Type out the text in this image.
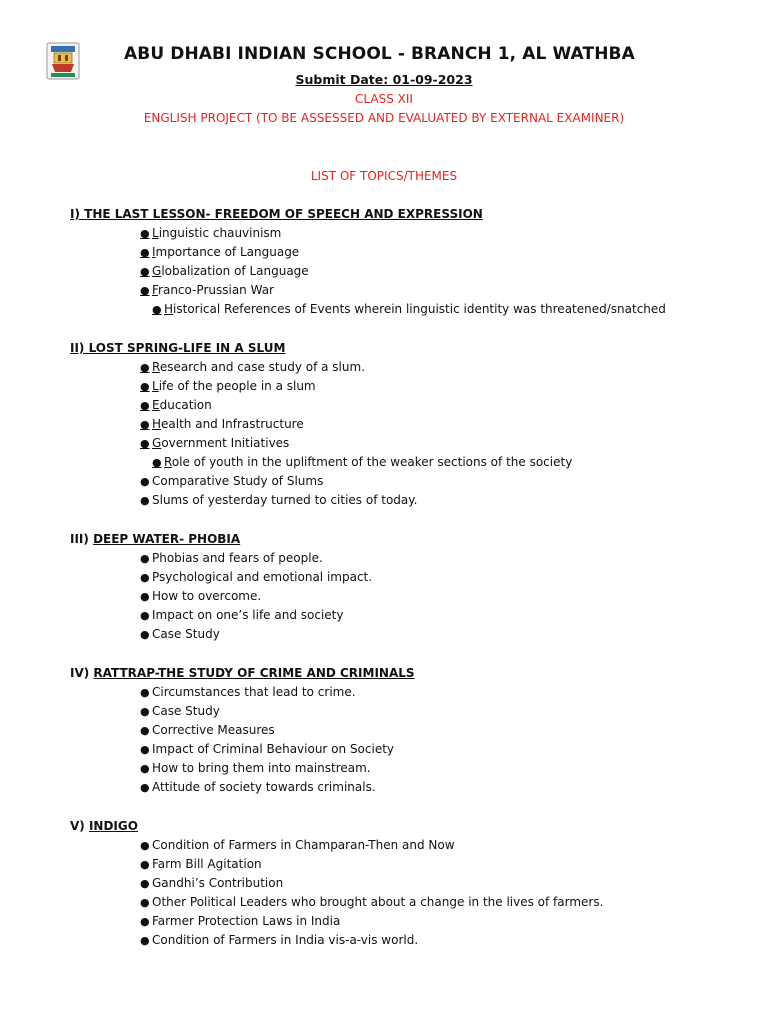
ABU DHABI INDIAN SCHOOL - BRANCH 1, AL WATHBA
Submit Date: 01-09-2023
CLASS XII
ENGLISH PROJECT (TO BE ASSESSED AND EVALUATED BY EXTERNAL EXAMINER)
LIST OF TOPICS/THEMES
I) THE LAST LESSON- FREEDOM OF SPEECH AND EXPRESSION
● Linguistic chauvinism
● Importance of Language
● Globalization of Language
● Franco-Prussian War
● Historical References of Events wherein linguistic identity was threatened/snatched
II) LOST SPRING-LIFE IN A SLUM
● Research and case study of a slum.
● Life of the people in a slum
● Education
● Health and Infrastructure
● Government Initiatives
● Role of youth in the upliftment of the weaker sections of the society
● Comparative Study of Slums
● Slums of yesterday turned to cities of today.
III) DEEP WATER- PHOBIA
● Phobias and fears of people.
● Psychological and emotional impact.
● How to overcome.
● Impact on one’s life and society
● Case Study
IV) RATTRAP-THE STUDY OF CRIME AND CRIMINALS
● Circumstances that lead to crime.
● Case Study
● Corrective Measures
● Impact of Criminal Behaviour on Society
● How to bring them into mainstream.
● Attitude of society towards criminals.
V) INDIGO
● Condition of Farmers in Champaran-Then and Now
● Farm Bill Agitation
● Gandhi’s Contribution
● Other Political Leaders who brought about a change in the lives of farmers.
● Farmer Protection Laws in India
● Condition of Farmers in India vis-a-vis world.
